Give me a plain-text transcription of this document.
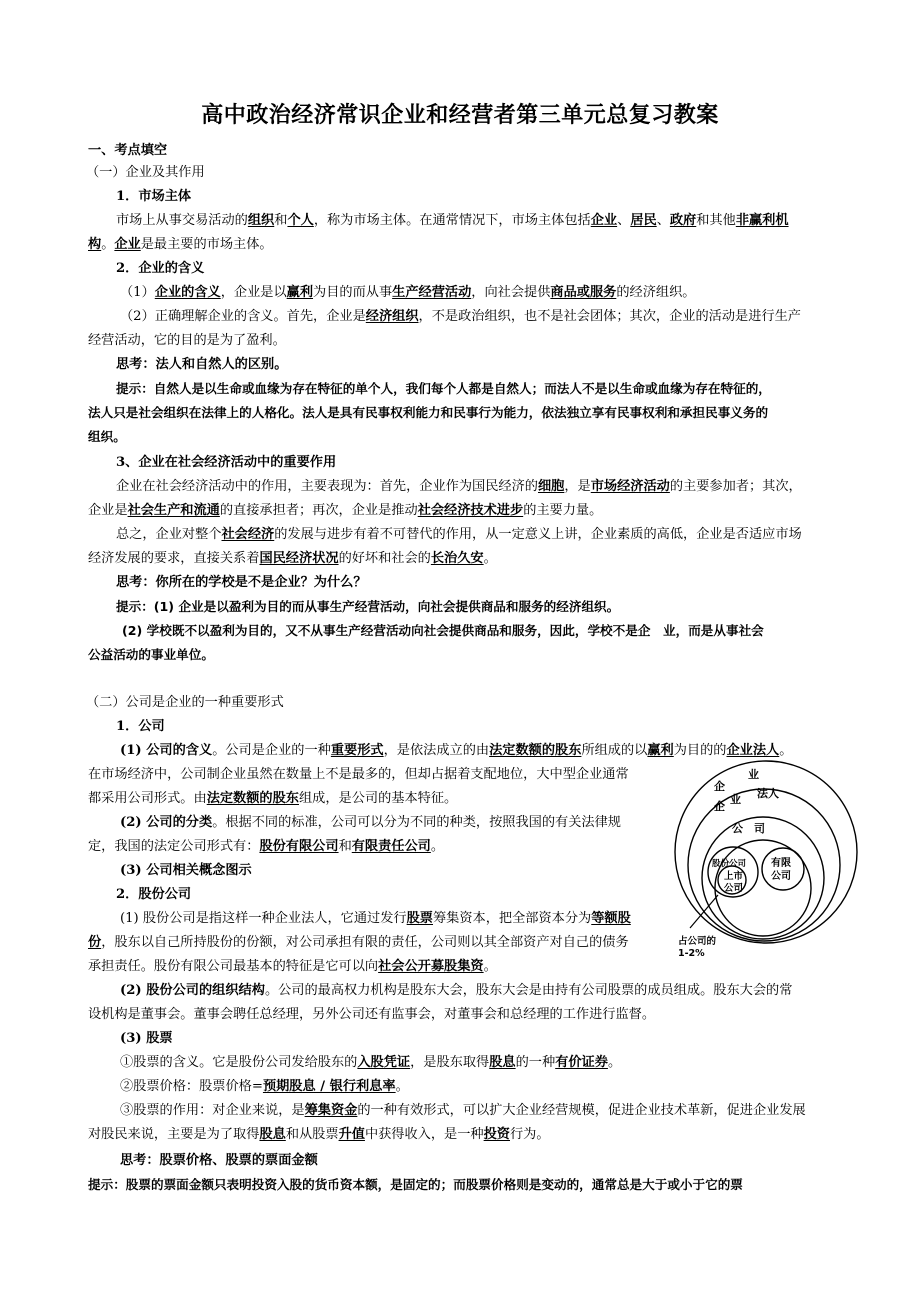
高中政治经济常识企业和经营者第三单元总复习教案
一、考点填空
（一）企业及其作用
1．市场主体
市场上从事交易活动的组织和个人，称为市场主体。在通常情况下，市场主体包括企业、居民、政府和其他非赢利机
构。企业是最主要的市场主体。
2．企业的含义
（1）企业的含义，企业是以赢利为目的而从事生产经营活动，向社会提供商品或服务的经济组织。
（2）正确理解企业的含义。首先，企业是经济组织，不是政治组织，也不是社会团体；其次，企业的活动是进行生产
经营活动，它的目的是为了盈利。
思考：法人和自然人的区别。
提示：自然人是以生命或血缘为存在特征的单个人，我们每个人都是自然人；而法人不是以生命或血缘为存在特征的，
法人只是社会组织在法律上的人格化。法人是具有民事权利能力和民事行为能力，依法独立享有民事权利和承担民事义务的
组织。
3、企业在社会经济活动中的重要作用
企业在社会经济活动中的作用，主要表现为：首先，企业作为国民经济的细胞，是市场经济活动的主要参加者；其次，
企业是社会生产和流通的直接承担者；再次，企业是推动社会经济技术进步的主要力量。
总之，企业对整个社会经济的发展与进步有着不可替代的作用，从一定意义上讲，企业素质的高低，企业是否适应市场
经济发展的要求，直接关系着国民经济状况的好坏和社会的长治久安。
思考：你所在的学校是不是企业？为什么？
提示：(1) 企业是以盈利为目的而从事生产经营活动，向社会提供商品和服务的经济组织。
(2) 学校既不以盈利为目的，又不从事生产经营活动向社会提供商品和服务，因此，学校不是企　业，而是从事社会
公益活动的事业单位。
（二）公司是企业的一种重要形式
1．公司
(1) 公司的含义。公司是企业的一种重要形式，是依法成立的由法定数额的股东所组成的以赢利为目的的企业法人。
在市场经济中，公司制企业虽然在数量上不是最多的，但却占据着支配地位，大中型企业通常
都采用公司形式。由法定数额的股东组成，是公司的基本特征。
(2) 公司的分类。根据不同的标准，公司可以分为不同的种类，按照我国的有关法律规
定，我国的法定公司形式有：股份有限公司和有限责任公司。
(3) 公司相关概念图示
2．股份公司
(1) 股份公司是指这样一种企业法人，它通过发行股票筹集资本，把全部资本分为等额股
份，股东以自己所持股份的份额，对公司承担有限的责任，公司则以其全部资产对自己的债务
承担责任。股份有限公司最基本的特征是它可以向社会公开募股集资。
(2) 股份公司的组织结构。公司的最高权力机构是股东大会，股东大会是由持有公司股票的成员组成。股东大会的常
设机构是董事会。董事会聘任总经理，另外公司还有监事会，对董事会和总经理的工作进行监督。
(3) 股票
①股票的含义。它是股份公司发给股东的入股凭证，是股东取得股息的一种有价证券。
②股票价格：股票价格=预期股息 / 银行利息率。
③股票的作用：对企业来说，是筹集资金的一种有效形式，可以扩大企业经营规模，促进企业技术革新，促进企业发展
对股民来说，主要是为了取得股息和从股票升值中获得收入，是一种投资行为。
思考：股票价格、股票的票面金额
提示：股票的票面金额只表明投资入股的货币资本额，是固定的；而股票价格则是变动的，通常总是大于或小于它的票
企
业
企
业 法人
公　司
股份公司
上市
公司
有限
公司
占公司的
1-2%
